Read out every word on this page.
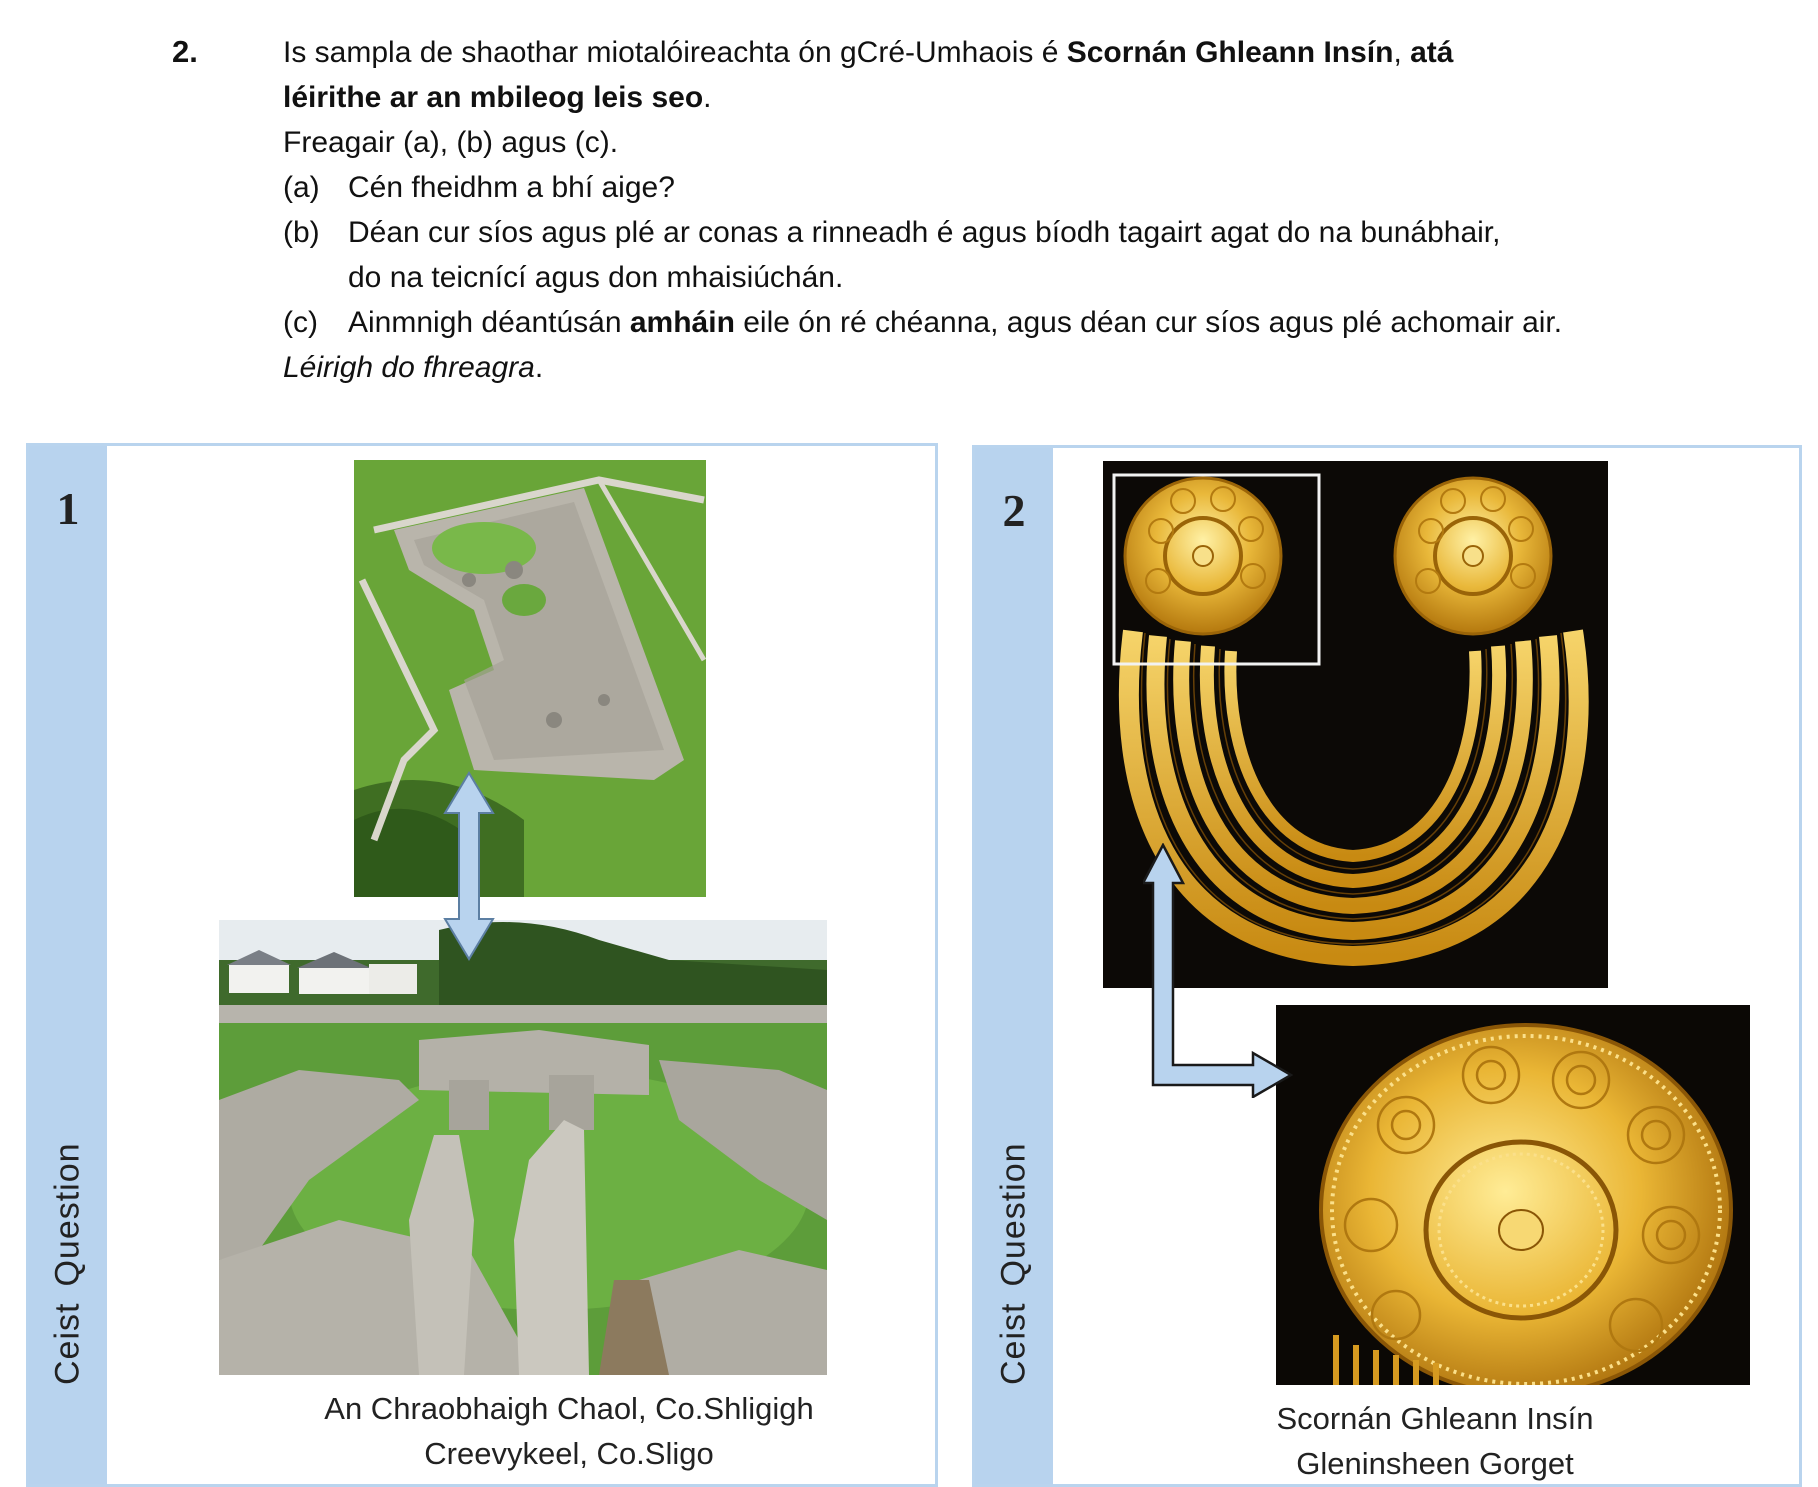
2.	Is sampla de shaothar miotalóireachta ón gCré-Umhaois é Scornán Ghleann Insín, atá
léirithe ar an mbileog leis seo.
Freagair (a), (b) agus (c).
(a) Cén fheidhm a bhí aige?
(b) Déan cur síos agus plé ar conas a rinneadh é agus bíodh tagairt agat do na bunábhair,
do na teicnící agus don mhaisiúchán.
(c) Ainmnigh déantúsán amháin eile ón ré chéanna, agus déan cur síos agus plé achomair air.
Léirigh do fhreagra.
1
CeistQuestion
An Chraobhaigh Chaol, Co.Shligigh
Creevykeel, Co.Sligo
2
CeistQuestion
Scornán Ghleann Insín
Gleninsheen Gorget
